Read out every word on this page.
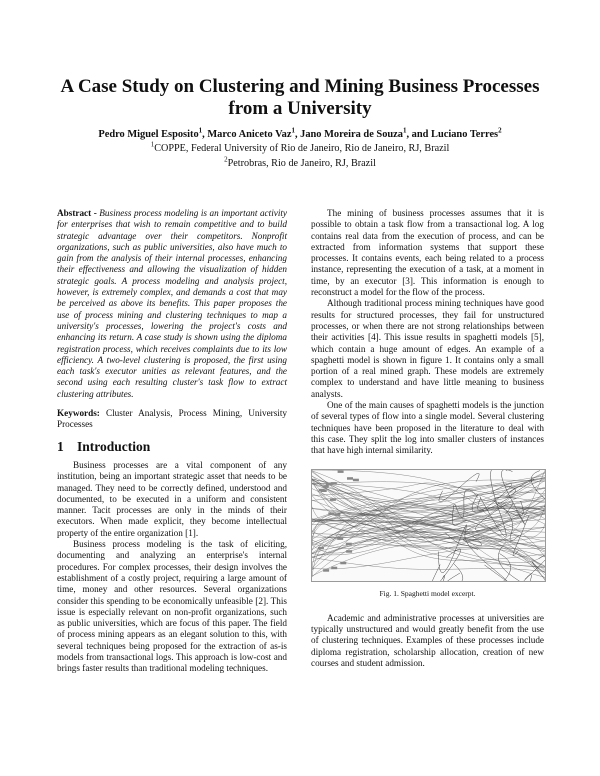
A Case Study on Clustering and Mining Business Processes from a University
Pedro Miguel Esposito$^1$, Marco Aniceto Vaz$^1$, Jano Moreira de Souza$^1$, and Luciano Terres$^2$
$^1$COPPE, Federal University of Rio de Janeiro, Rio de Janeiro, RJ, Brazil
$^2$Petrobras, Rio de Janeiro, RJ, Brazil

Abstract - Business process modeling is an important activity for enterprises that wish to remain competitive and to build strategic advantage over their competitors. Nonprofit organizations, such as public universities, also have much to gain from the analysis of their internal processes, enhancing their effectiveness and allowing the visualization of hidden strategic goals. A process modeling and analysis project, however, is extremely complex, and demands a cost that may be perceived as above its benefits. This paper proposes the use of process mining and clustering techniques to map a university's processes, lowering the project's costs and enhancing its return. A case study is shown using the diploma registration process, which receives complaints due to its low efficiency. A two-level clustering is proposed, the first using each task's executor unities as relevant features, and the second using each resulting cluster's task flow to extract clustering attributes.

Keywords: Cluster Analysis, Process Mining, University Processes

1 Introduction

Business processes are a vital component of any institution, being an important strategic asset that needs to be managed. They need to be correctly defined, understood and documented, to be executed in a uniform and consistent manner. Tacit processes are only in the minds of their executors. When made explicit, they become intellectual property of the entire organization [1].

Business process modeling is the task of eliciting, documenting and analyzing an enterprise's internal procedures. For complex processes, their design involves the establishment of a costly project, requiring a large amount of time, money and other resources. Several organizations consider this spending to be economically unfeasible [2]. This issue is especially relevant on non-profit organizations, such as public universities, which are focus of this paper. The field of process mining appears as an elegant solution to this, with several techniques being proposed for the extraction of as-is models from transactional logs. This approach is low-cost and brings faster results than traditional modeling techniques.

The mining of business processes assumes that it is possible to obtain a task flow from a transactional log. A log contains real data from the execution of process, and can be extracted from information systems that support these processes. It contains events, each being related to a process instance, representing the execution of a task, at a moment in time, by an executor [3]. This information is enough to reconstruct a model for the flow of the process.

Although traditional process mining techniques have good results for structured processes, they fail for unstructured processes, or when there are not strong relationships between their activities [4]. This issue results in spaghetti models [5], which contain a huge amount of edges. An example of a spaghetti model is shown in figure 1. It contains only a small portion of a real mined graph. These models are extremely complex to understand and have little meaning to business analysts.

One of the main causes of spaghetti models is the junction of several types of flow into a single model. Several clustering techniques have been proposed in the literature to deal with this case. They split the log into smaller clusters of instances that have high internal similarity.

Fig. 1. Spaghetti model excerpt.

Academic and administrative processes at universities are typically unstructured and would greatly benefit from the use of clustering techniques. Examples of these processes include diploma registration, scholarship allocation, creation of new courses and student admission.
